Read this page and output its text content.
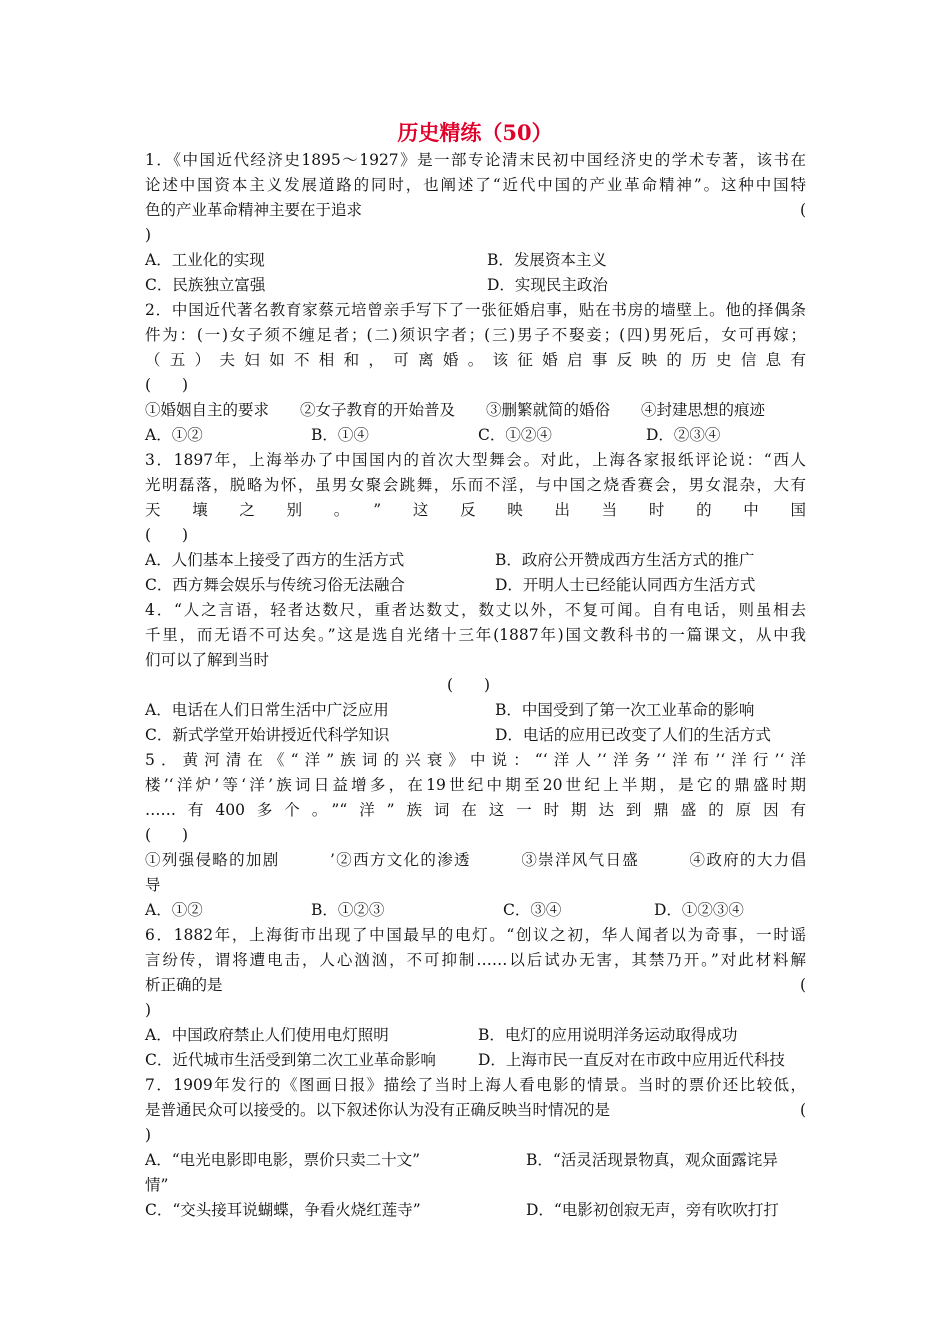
历史精练（50）
1．《中国近代经济史1895～1927》是一部专论清末民初中国经济史的学术专著，该书在
论述中国资本主义发展道路的同时，也阐述了“近代中国的产业革命精神”。这种中国特
色的产业革命精神主要在于追求	(
)
A．工业化的实现	B．发展资本主义
C．民族独立富强	D．实现民主政治
2．中国近代著名教育家蔡元培曾亲手写下了一张征婚启事，贴在书房的墙壁上。他的择偶条
件为：(一)女子须不缠足者；(二)须识字者；(三)男子不娶妾；(四)男死后，女可再嫁；
（五）夫妇如不相和，可离婚。该征婚启事反映的历史信息有
(　　)
①婚姻自主的要求　　②女子教育的开始普及　　③删繁就简的婚俗　　④封建思想的痕迹
A．①②	B．①④	C．①②④	D．②③④
3．1897年，上海举办了中国国内的首次大型舞会。对此，上海各家报纸评论说：“西人
光明磊落，脱略为怀，虽男女聚会跳舞，乐而不淫，与中国之烧香赛会，男女混杂，大有
天壤之别。”这反映出当时的中国
(　　)
A．人们基本上接受了西方的生活方式	B．政府公开赞成西方生活方式的推广
C．西方舞会娱乐与传统习俗无法融合	D．开明人士已经能认同西方生活方式
4．“人之言语，轻者达数尺，重者达数丈，数丈以外，不复可闻。自有电话，则虽相去
千里，而无语不可达矣。”这是选自光绪十三年(1887年)国文教科书的一篇课文，从中我
们可以了解到当时
(　　)
A．电话在人们日常生活中广泛应用	B．中国受到了第一次工业革命的影响
C．新式学堂开始讲授近代科学知识	D．电话的应用已改变了人们的生活方式
5．黄河清在《“洋”族词的兴衰》中说：“‘洋人’‘洋务’‘洋布’‘洋行’‘洋
楼’‘洋炉’等‘洋’族词日益增多，在19世纪中期至20世纪上半期，是它的鼎盛时期
……有400多个。”“洋”族词在这一时期达到鼎盛的原因有
(　　)
①列强侵略的加剧　　　’②西方文化的渗透　　　③崇洋风气日盛　　　④政府的大力倡
导
A．①②	B．①②③	C．③④	D．①②③④
6．1882年，上海街市出现了中国最早的电灯。“创议之初，华人闻者以为奇事，一时谣
言纷传，谓将遭电击，人心汹汹，不可抑制……以后试办无害，其禁乃开。”对此材料解
析正确的是	(
)
A．中国政府禁止人们使用电灯照明	B．电灯的应用说明洋务运动取得成功
C．近代城市生活受到第二次工业革命影响	D．上海市民一直反对在市政中应用近代科技
7．1909年发行的《图画日报》描绘了当时上海人看电影的情景。当时的票价还比较低，
是普通民众可以接受的。以下叙述你认为没有正确反映当时情况的是	(
)
A．“电光电影即电影，票价只卖二十文”	B．“活灵活现景物真，观众面露诧异
情”
C．“交头接耳说蝴蝶，争看火烧红莲寺”	D．“电影初创寂无声，旁有吹吹打打
